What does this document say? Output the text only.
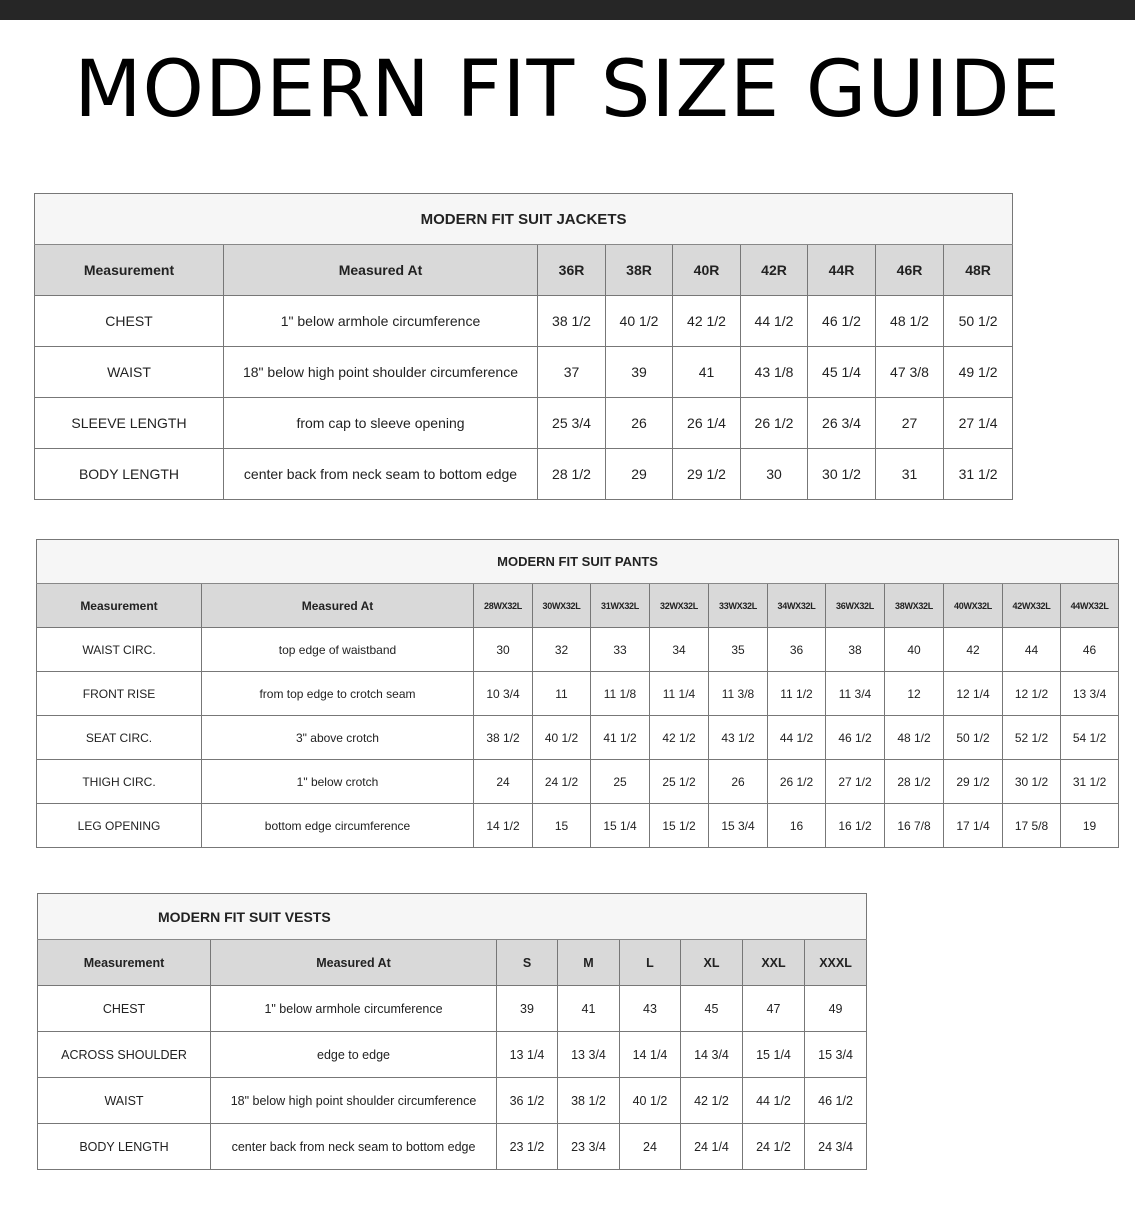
MODERN FIT SIZE GUIDE
MODERN FIT SUIT JACKETS								
Measurement	Measured At	36R	38R	40R	42R	44R	46R	48R
CHEST	1" below armhole circumference	38 1/2	40 1/2	42 1/2	44 1/2	46 1/2	48 1/2	50 1/2
WAIST	18" below high point shoulder circumference	37	39	41	43 1/8	45 1/4	47 3/8	49 1/2
SLEEVE LENGTH	from cap to sleeve opening	25 3/4	26	26 1/4	26 1/2	26 3/4	27	27 1/4
BODY LENGTH	center back from neck seam to bottom edge	28 1/2	29	29 1/2	30	30 1/2	31	31 1/2
MODERN FIT SUIT PANTS												
Measurement	Measured At	28WX32L	30WX32L	31WX32L	32WX32L	33WX32L	34WX32L	36WX32L	38WX32L	40WX32L	42WX32L	44WX32L
WAIST CIRC.	top edge of waistband	30	32	33	34	35	36	38	40	42	44	46
FRONT RISE	from top edge to crotch seam	10 3/4	11	11 1/8	11 1/4	11 3/8	11 1/2	11 3/4	12	12 1/4	12 1/2	13 3/4
SEAT CIRC.	3" above crotch	38 1/2	40 1/2	41 1/2	42 1/2	43 1/2	44 1/2	46 1/2	48 1/2	50 1/2	52 1/2	54 1/2
THIGH CIRC.	1" below crotch	24	24 1/2	25	25 1/2	26	26 1/2	27 1/2	28 1/2	29 1/2	30 1/2	31 1/2
LEG OPENING	bottom edge circumference	14 1/2	15	15 1/4	15 1/2	15 3/4	16	16 1/2	16 7/8	17 1/4	17 5/8	19
MODERN FIT SUIT VESTS							
Measurement	Measured At	S	M	L	XL	XXL	XXXL
CHEST	1" below armhole circumference	39	41	43	45	47	49
ACROSS SHOULDER	edge to edge	13 1/4	13 3/4	14 1/4	14 3/4	15 1/4	15 3/4
WAIST	18" below high point shoulder circumference	36 1/2	38 1/2	40 1/2	42 1/2	44 1/2	46 1/2
BODY LENGTH	center back from neck seam to bottom edge	23 1/2	23 3/4	24	24 1/4	24 1/2	24 3/4
